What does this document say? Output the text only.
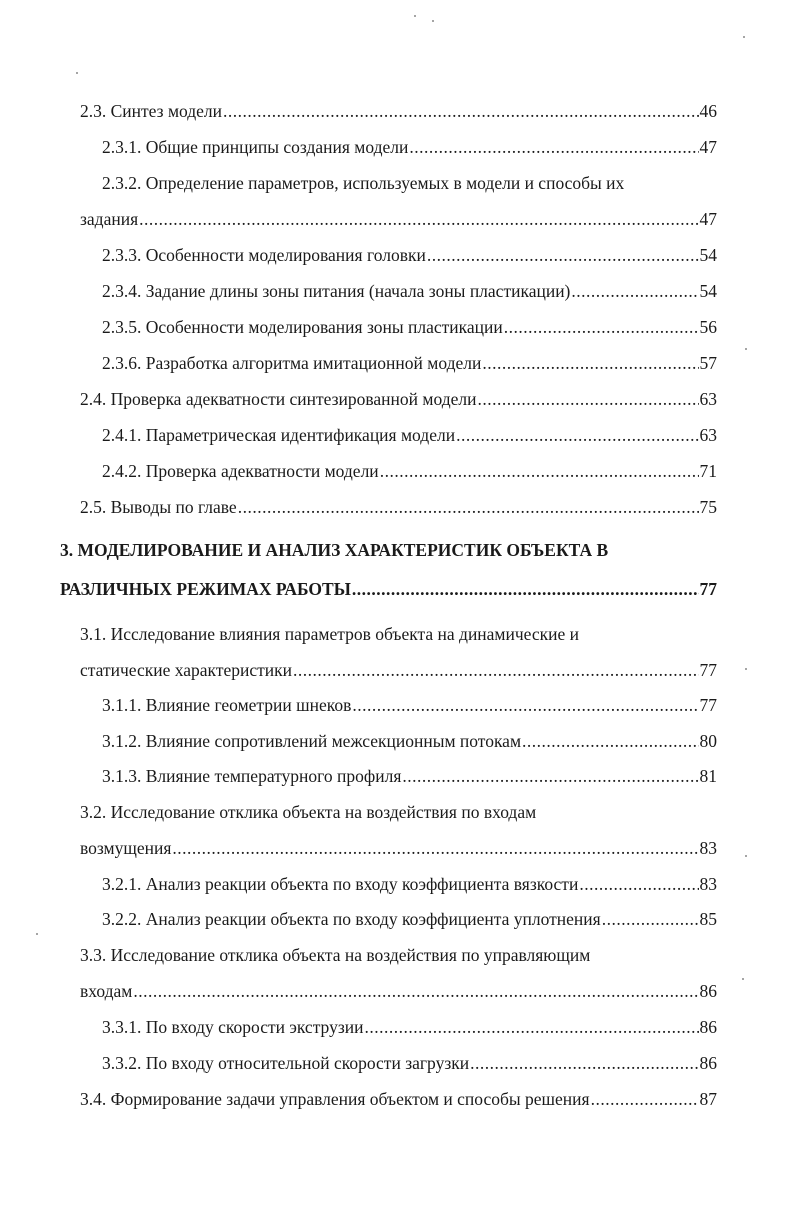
2.3. Синтез модели .....	46
2.3.1. Общие принципы создания модели .....	47
2.3.2. Определение параметров, используемых в модели и способы их
задания .....	47
2.3.3. Особенности моделирования головки .....	54
2.3.4. Задание длины зоны питания (начала зоны пластикации) .....	54
2.3.5. Особенности моделирования зоны пластикации .....	56
2.3.6. Разработка алгоритма имитационной модели .....	57
2.4. Проверка адекватности синтезированной модели .....	63
2.4.1. Параметрическая идентификация модели .....	63
2.4.2. Проверка адекватности модели .....	71
2.5. Выводы по главе .....	75
3. МОДЕЛИРОВАНИЕ И АНАЛИЗ ХАРАКТЕРИСТИК ОБЪЕКТА В
РАЗЛИЧНЫХ РЕЖИМАХ РАБОТЫ .....	77
3.1. Исследование влияния параметров объекта на динамические и
статические характеристики .....	77
3.1.1. Влияние геометрии шнеков .....	77
3.1.2. Влияние сопротивлений межсекционным потокам .....	80
3.1.3. Влияние температурного профиля .....	81
3.2. Исследование отклика объекта на воздействия по входам
возмущения .....	83
3.2.1. Анализ реакции объекта по входу коэффициента вязкости .....	83
3.2.2. Анализ реакции объекта по входу коэффициента уплотнения .....	85
3.3. Исследование отклика объекта на воздействия по управляющим
входам .....	86
3.3.1. По входу скорости экструзии .....	86
3.3.2. По входу относительной скорости загрузки .....	86
3.4. Формирование задачи управления объектом и способы решения .....	87
